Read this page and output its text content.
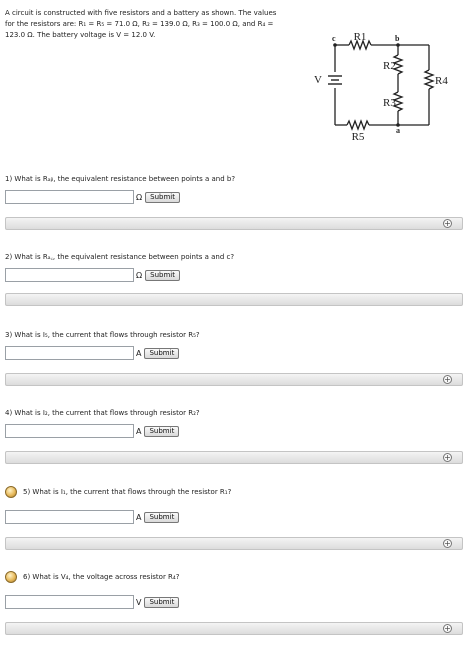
A circuit is constructed with five resistors and a battery as shown. The values
for the resistors are: R₁ = R₅ = 71.0 Ω, R₂ = 139.0 Ω, R₃ = 100.0 Ω, and R₄ =
123.0 Ω. The battery voltage is V = 12.0 V.	R1
R2
R3
R4
R5
c	b
a
V
1) What is Rₐᵦ, the equivalent resistance between points a and b?
Ω	Submit
+
2) What is Rₐ꜀, the equivalent resistance between points a and c?
Ω	Submit
3) What is I₅, the current that flows through resistor R₅?
A	Submit
+
4) What is I₂, the current that flows through resistor R₂?
A	Submit
+
5) What is I₁, the current that flows through the resistor R₁?
A	Submit
+
6) What is V₄, the voltage across resistor R₄?
V	Submit
+
